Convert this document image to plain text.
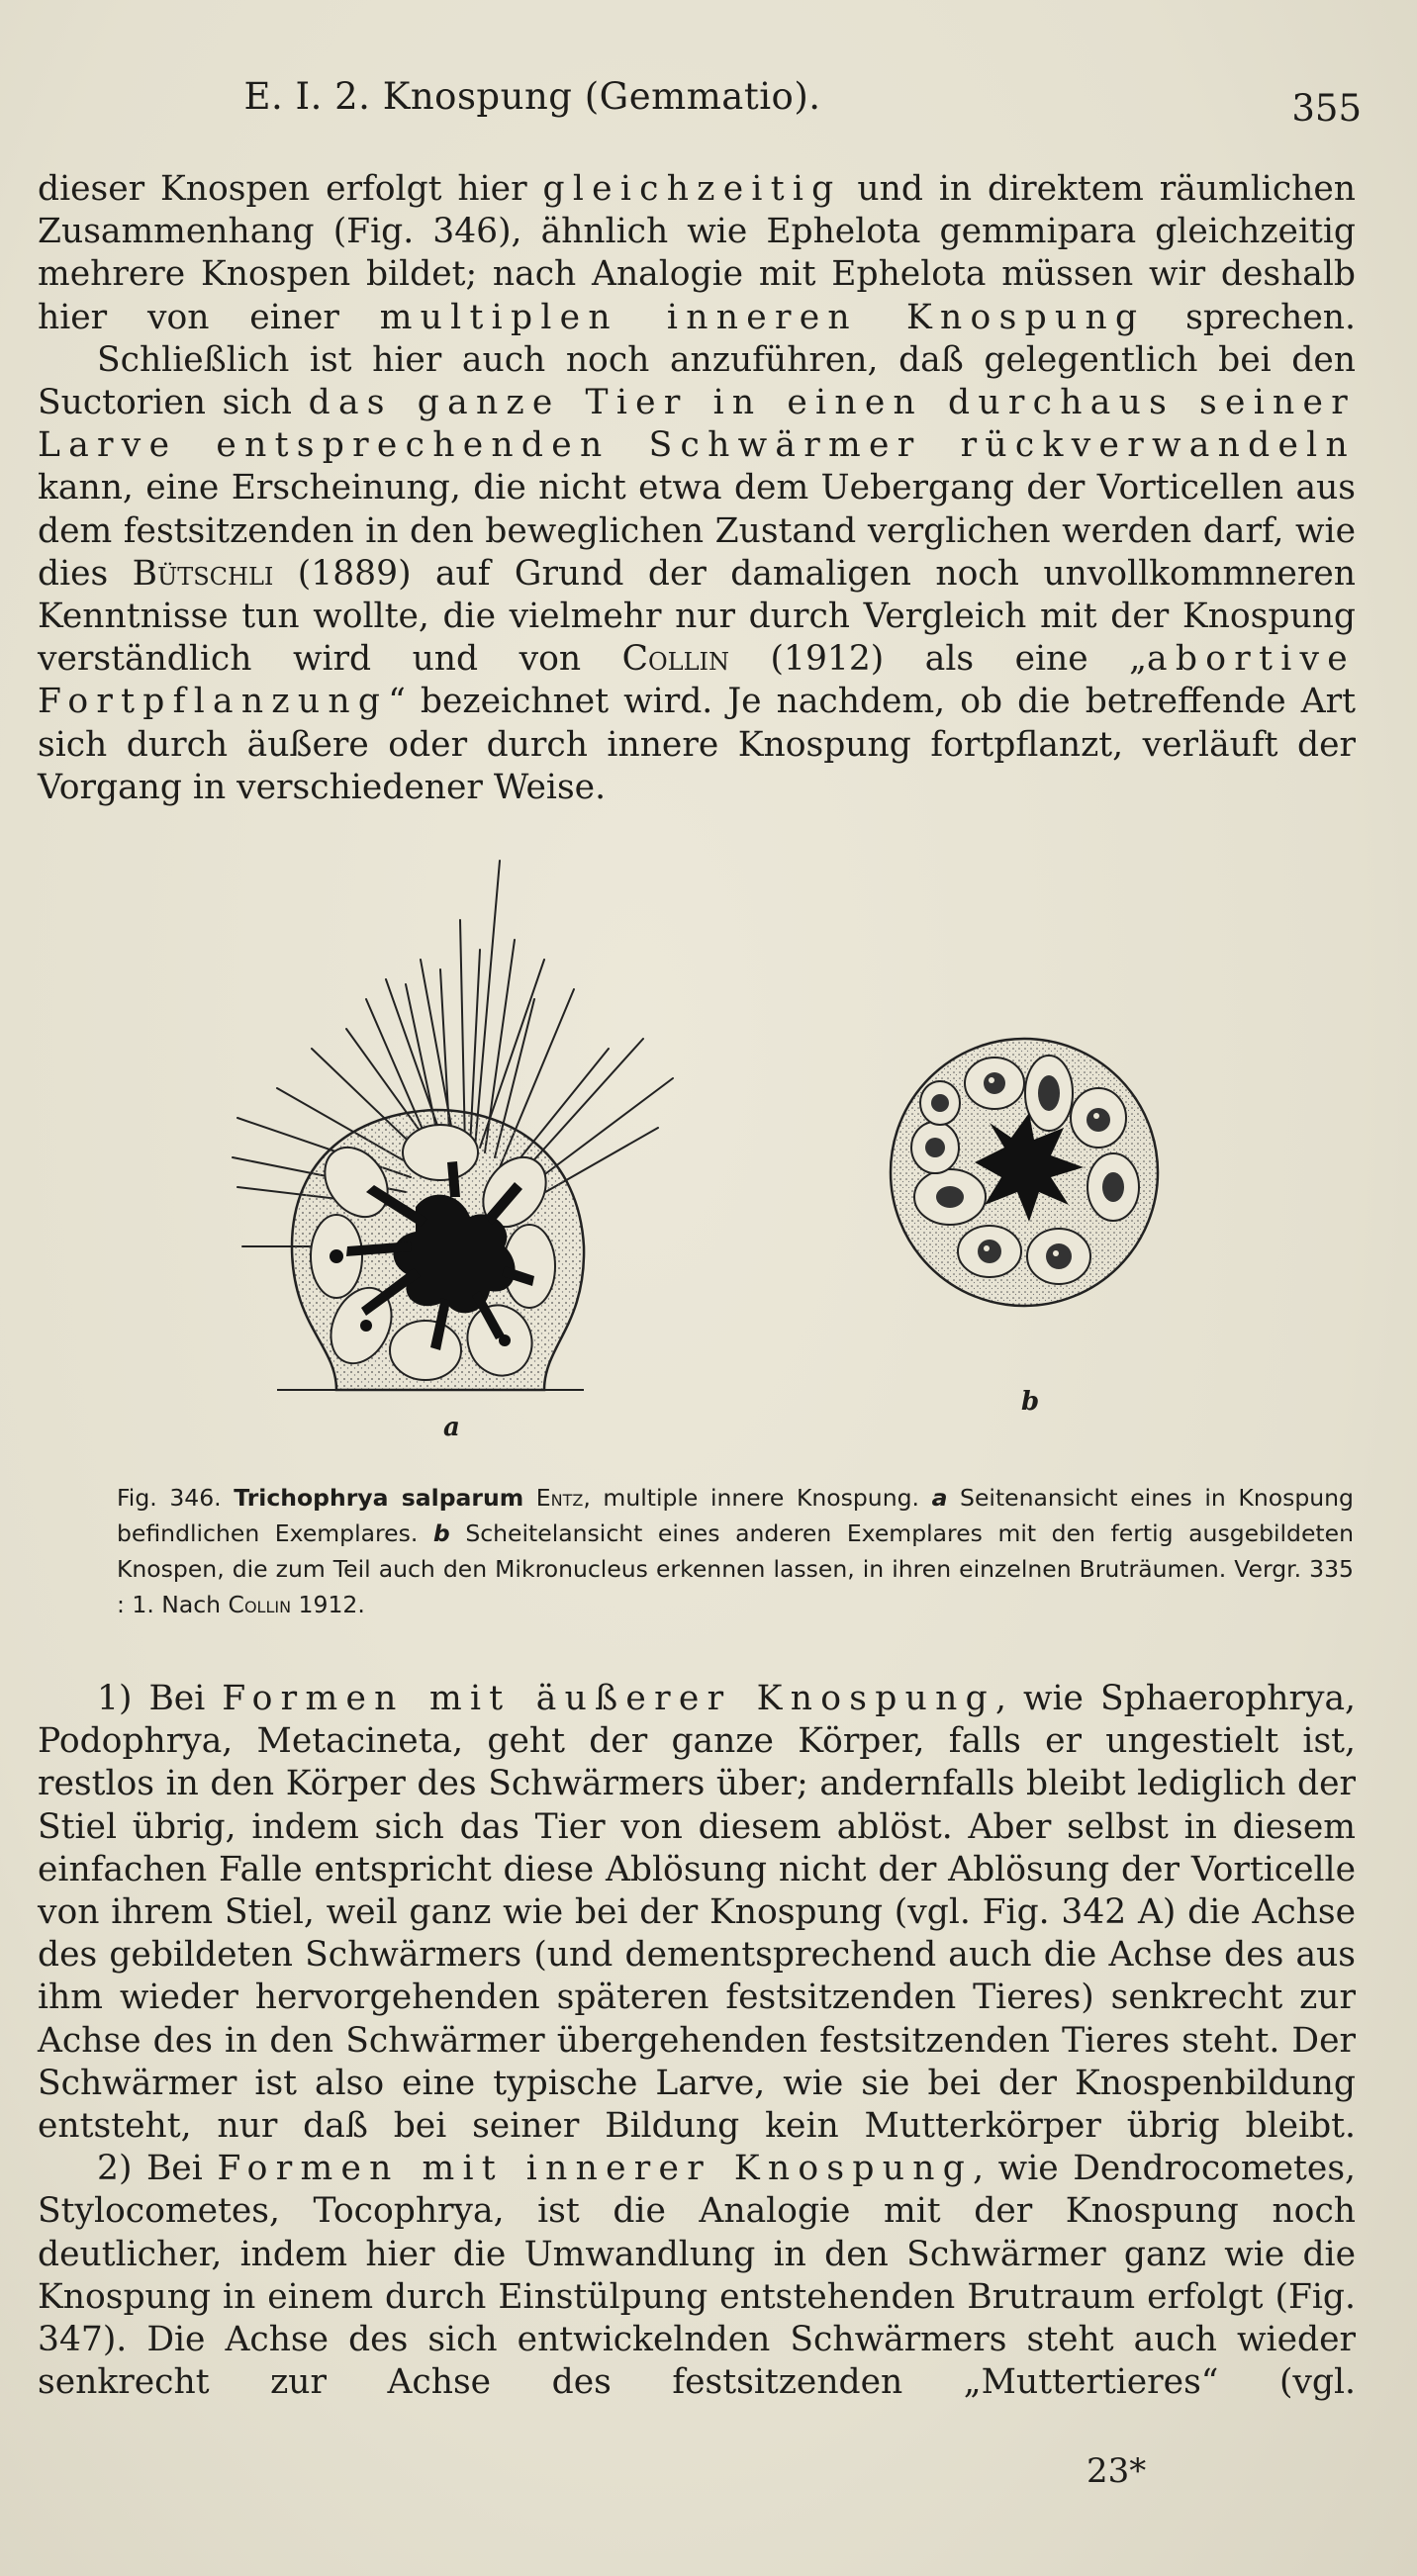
E. I. 2. Knospung (Gemmatio).	355

dieser Knospen erfolgt hier gleichzeitig und in direktem räumlichen Zusammenhang (Fig. 346), ähnlich wie Ephelota gemmipara gleichzeitig mehrere Knospen bildet; nach Analogie mit Ephelota müssen wir deshalb hier von einer multiplen inneren Knospung sprechen.

Schließlich ist hier auch noch anzuführen, daß gelegentlich bei den Suctorien sich das ganze Tier in einen durchaus seiner Larve entsprechenden Schwärmer rückverwandeln kann, eine Erscheinung, die nicht etwa dem Uebergang der Vorticellen aus dem festsitzenden in den beweglichen Zustand verglichen werden darf, wie dies Bütschli (1889) auf Grund der damaligen noch unvollkommneren Kenntnisse tun wollte, die vielmehr nur durch Vergleich mit der Knospung verständlich wird und von Collin (1912) als eine „abortive Fortpflanzung“ bezeichnet wird. Je nachdem, ob die betreffende Art sich durch äußere oder durch innere Knospung fortpflanzt, verläuft der Vorgang in verschiedener Weise.

a
b
Fig. 346. Trichophrya salparum Entz, multiple innere Knospung. a Seitenansicht eines in Knospung befindlichen Exemplares. b Scheitelansicht eines anderen Exemplares mit den fertig ausgebildeten Knospen, die zum Teil auch den Mikronucleus erkennen lassen, in ihren einzelnen Bruträumen. Vergr. 335 : 1. Nach Collin 1912.

1) Bei Formen mit äußerer Knospung, wie Sphaerophrya, Podophrya, Metacineta, geht der ganze Körper, falls er ungestielt ist, restlos in den Körper des Schwärmers über; andernfalls bleibt lediglich der Stiel übrig, indem sich das Tier von diesem ablöst. Aber selbst in diesem einfachen Falle entspricht diese Ablösung nicht der Ablösung der Vorticelle von ihrem Stiel, weil ganz wie bei der Knospung (vgl. Fig. 342 A) die Achse des gebildeten Schwärmers (und dementsprechend auch die Achse des aus ihm wieder hervorgehenden späteren festsitzenden Tieres) senkrecht zur Achse des in den Schwärmer übergehenden festsitzenden Tieres steht. Der Schwärmer ist also eine typische Larve, wie sie bei der Knospenbildung entsteht, nur daß bei seiner Bildung kein Mutterkörper übrig bleibt.

2) Bei Formen mit innerer Knospung, wie Dendrocometes, Stylocometes, Tocophrya, ist die Analogie mit der Knospung noch deutlicher, indem hier die Umwandlung in den Schwärmer ganz wie die Knospung in einem durch Einstülpung entstehenden Brutraum erfolgt (Fig. 347). Die Achse des sich entwickelnden Schwärmers steht auch wieder senkrecht zur Achse des festsitzenden „Muttertieres“ (vgl.

23*
